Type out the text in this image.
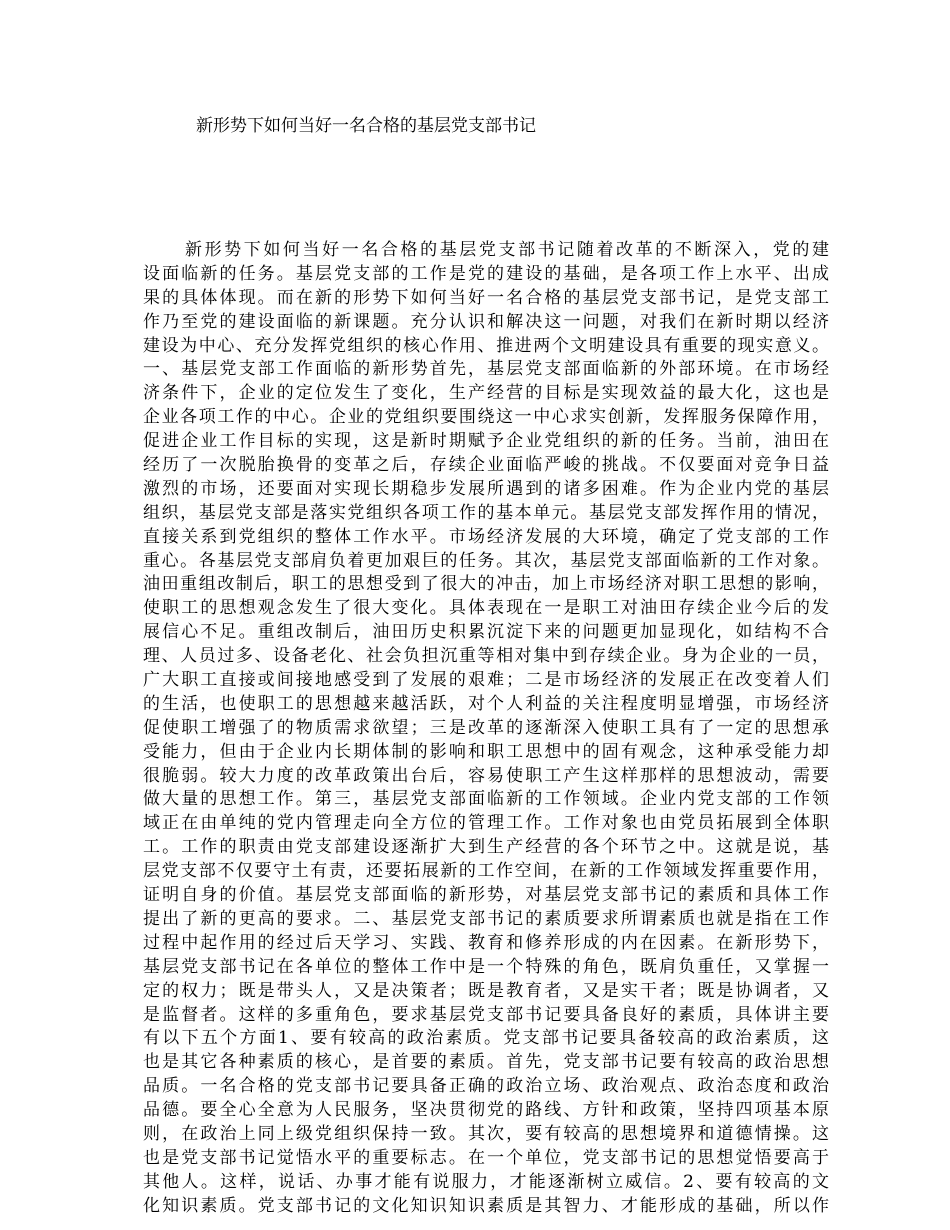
新形势下如何当好一名合格的基层党支部书记
新形势下如何当好一名合格的基层党支部书记随着改革的不断深入，党的建
设面临新的任务。基层党支部的工作是党的建设的基础，是各项工作上水平、出成
果的具体体现。而在新的形势下如何当好一名合格的基层党支部书记，是党支部工
作乃至党的建设面临的新课题。充分认识和解决这一问题，对我们在新时期以经济
建设为中心、充分发挥党组织的核心作用、推进两个文明建设具有重要的现实意义。
一、基层党支部工作面临的新形势首先，基层党支部面临新的外部环境。在市场经
济条件下，企业的定位发生了变化，生产经营的目标是实现效益的最大化，这也是
企业各项工作的中心。企业的党组织要围绕这一中心求实创新，发挥服务保障作用，
促进企业工作目标的实现，这是新时期赋予企业党组织的新的任务。当前，油田在
经历了一次脱胎换骨的变革之后，存续企业面临严峻的挑战。不仅要面对竞争日益
激烈的市场，还要面对实现长期稳步发展所遇到的诸多困难。作为企业内党的基层
组织，基层党支部是落实党组织各项工作的基本单元。基层党支部发挥作用的情况，
直接关系到党组织的整体工作水平。市场经济发展的大环境，确定了党支部的工作
重心。各基层党支部肩负着更加艰巨的任务。其次，基层党支部面临新的工作对象。
油田重组改制后，职工的思想受到了很大的冲击，加上市场经济对职工思想的影响，
使职工的思想观念发生了很大变化。具体表现在一是职工对油田存续企业今后的发
展信心不足。重组改制后，油田历史积累沉淀下来的问题更加显现化，如结构不合
理、人员过多、设备老化、社会负担沉重等相对集中到存续企业。身为企业的一员，
广大职工直接或间接地感受到了发展的艰难；二是市场经济的发展正在改变着人们
的生活，也使职工的思想越来越活跃，对个人利益的关注程度明显增强，市场经济
促使职工增强了的物质需求欲望；三是改革的逐渐深入使职工具有了一定的思想承
受能力，但由于企业内长期体制的影响和职工思想中的固有观念，这种承受能力却
很脆弱。较大力度的改革政策出台后，容易使职工产生这样那样的思想波动，需要
做大量的思想工作。第三，基层党支部面临新的工作领域。企业内党支部的工作领
域正在由单纯的党内管理走向全方位的管理工作。工作对象也由党员拓展到全体职
工。工作的职责由党支部建设逐渐扩大到生产经营的各个环节之中。这就是说，基
层党支部不仅要守土有责，还要拓展新的工作空间，在新的工作领域发挥重要作用，
证明自身的价值。基层党支部面临的新形势，对基层党支部书记的素质和具体工作
提出了新的更高的要求。二、基层党支部书记的素质要求所谓素质也就是指在工作
过程中起作用的经过后天学习、实践、教育和修养形成的内在因素。在新形势下，
基层党支部书记在各单位的整体工作中是一个特殊的角色，既肩负重任，又掌握一
定的权力；既是带头人，又是决策者；既是教育者，又是实干者；既是协调者，又
是监督者。这样的多重角色，要求基层党支部书记要具备良好的素质，具体讲主要
有以下五个方面1、要有较高的政治素质。党支部书记要具备较高的政治素质，这
也是其它各种素质的核心，是首要的素质。首先，党支部书记要有较高的政治思想
品质。一名合格的党支部书记要具备正确的政治立场、政治观点、政治态度和政治
品德。要全心全意为人民服务，坚决贯彻党的路线、方针和政策，坚持四项基本原
则，在政治上同上级党组织保持一致。其次，要有较高的思想境界和道德情操。这
也是党支部书记觉悟水平的重要标志。在一个单位，党支部书记的思想觉悟要高于
其他人。这样，说话、办事才能有说服力，才能逐渐树立威信。2、要有较高的文
化知识素质。党支部书记的文化知识知识素质是其智力、才能形成的基础，所以作
